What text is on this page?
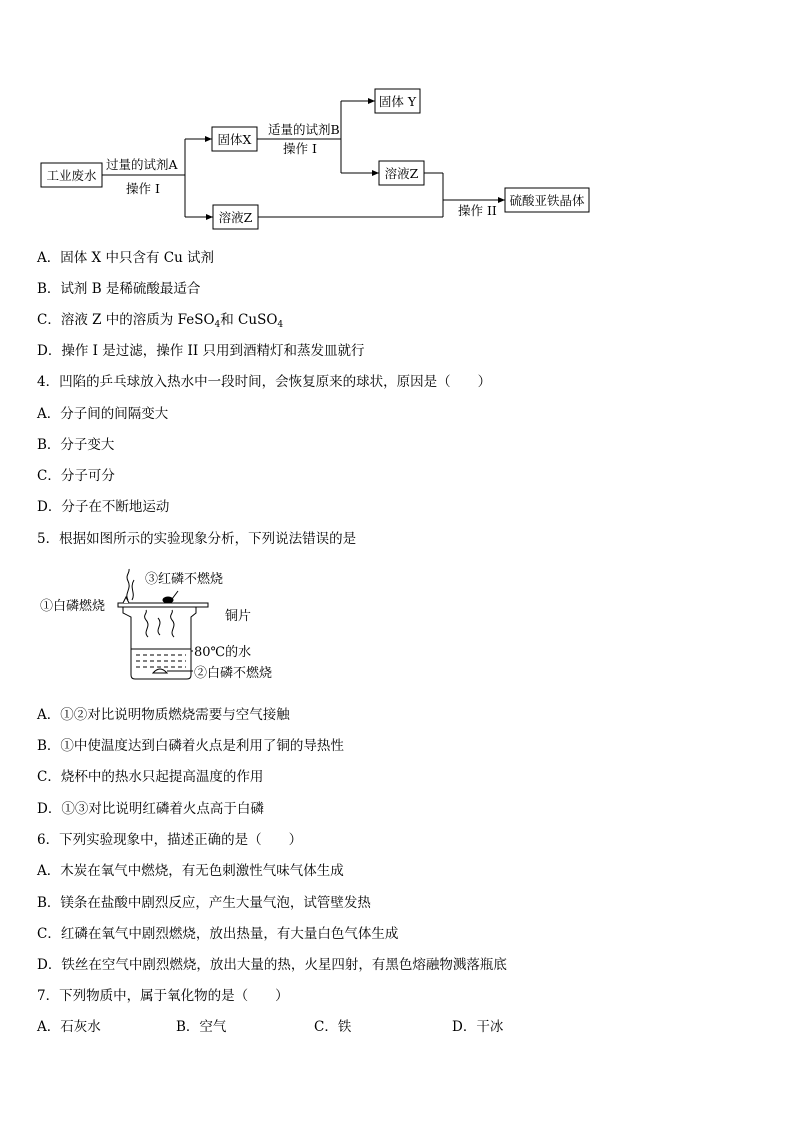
工业废水
过量的试剂A
操作 I
固体X
适量的试剂B
操作 I
固体 Y
溶液Z
溶液Z	操作 II
硫酸亚铁晶体
A．固体 X 中只含有 Cu 试剂
B．试剂 B 是稀硫酸最适合
C．溶液 Z 中的溶质为 FeSO$_4$和 CuSO$_4$
D．操作 I 是过滤，操作 II 只用到酒精灯和蒸发皿就行
4．凹陷的乒乓球放入热水中一段时间，会恢复原来的球状，原因是（　　）
A．分子间的间隔变大
B．分子变大
C．分子可分
D．分子在不断地运动
5．根据如图所示的实验现象分析，下列说法错误的是
③红磷不燃烧
①白磷燃烧
铜片
80℃的水
②白磷不燃烧
A．①②对比说明物质燃烧需要与空气接触
B．①中使温度达到白磷着火点是利用了铜的导热性
C．烧杯中的热水只起提高温度的作用
D．①③对比说明红磷着火点高于白磷
6．下列实验现象中，描述正确的是（　　）
A．木炭在氧气中燃烧，有无色刺激性气味气体生成
B．镁条在盐酸中剧烈反应，产生大量气泡，试管壁发热
C．红磷在氧气中剧烈燃烧，放出热量，有大量白色气体生成
D．铁丝在空气中剧烈燃烧，放出大量的热，火星四射，有黑色熔融物溅落瓶底
7．下列物质中，属于氧化物的是（　　）
A．石灰水	B．空气	C．铁	D．干冰
